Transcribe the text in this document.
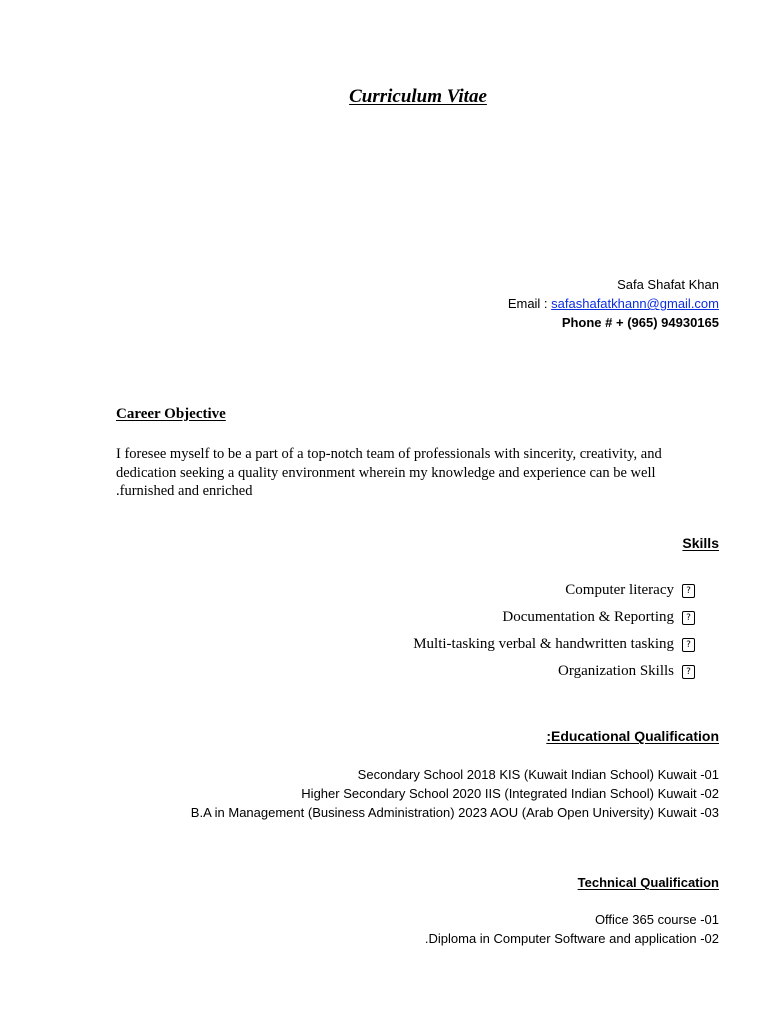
Curriculum Vitae
Safa Shafat Khan
Email : safashafatkhann@gmail.com
Phone # + (965) 94930165
Career Objective
I foresee myself to be a part of a top-notch team of professionals with sincerity, creativity, and dedication seeking a quality environment wherein my knowledge and experience can be well .furnished and enriched
Skills
Computer literacy	?
Documentation & Reporting	?
Multi-tasking verbal & handwritten tasking	?
Organization Skills	?
:Educational Qualification
Secondary School 2018 KIS (Kuwait Indian School) Kuwait -01
Higher Secondary School 2020 IIS (Integrated Indian School) Kuwait -02
B.A in Management (Business Administration) 2023 AOU (Arab Open University) Kuwait -03
Technical Qualification
Office 365 course -01
.Diploma in Computer Software and application -02
